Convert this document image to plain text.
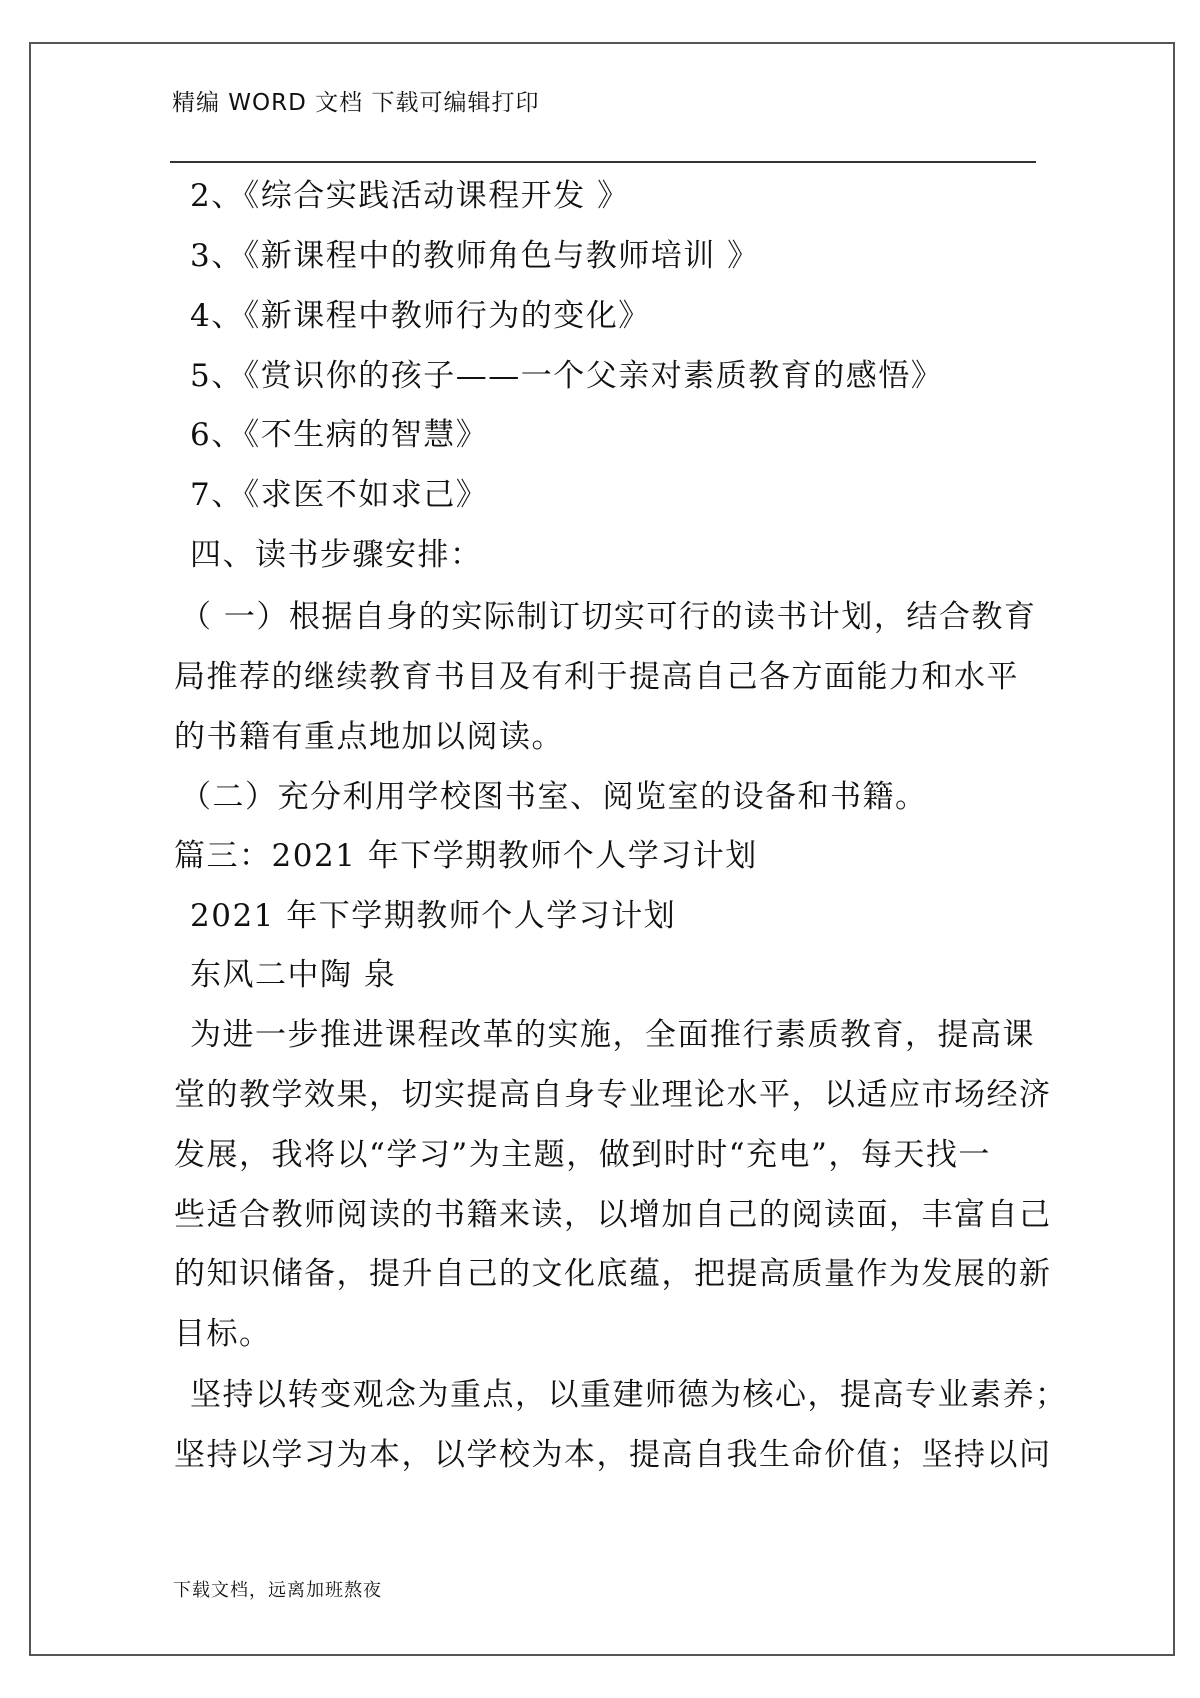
精编 WORD 文档 下载可编辑打印
2、《综合实践活动课程开发 》
3、《新课程中的教师角色与教师培训 》
4、《新课程中教师行为的变化》
5、《赏识你的孩子——一个父亲对素质教育的感悟》
6、《不生病的智慧》
7、《求医不如求己》
四、读书步骤安排：
（ 一）根据自身的实际制订切实可行的读书计划，结合教育
局推荐的继续教育书目及有利于提高自己各方面能力和水平
的书籍有重点地加以阅读。
（二）充分利用学校图书室、阅览室的设备和书籍。
篇三：2021 年下学期教师个人学习计划
2021 年下学期教师个人学习计划
东风二中陶 泉
为进一步推进课程改革的实施，全面推行素质教育，提高课
堂的教学效果，切实提高自身专业理论水平，以适应市场经济
发展，我将以“学习”为主题，做到时时“充电”，每天找一
些适合教师阅读的书籍来读，以增加自己的阅读面，丰富自己
的知识储备，提升自己的文化底蕴，把提高质量作为发展的新
目标。
坚持以转变观念为重点，以重建师德为核心，提高专业素养；
坚持以学习为本，以学校为本，提高自我生命价值；坚持以问
下载文档，远离加班熬夜
